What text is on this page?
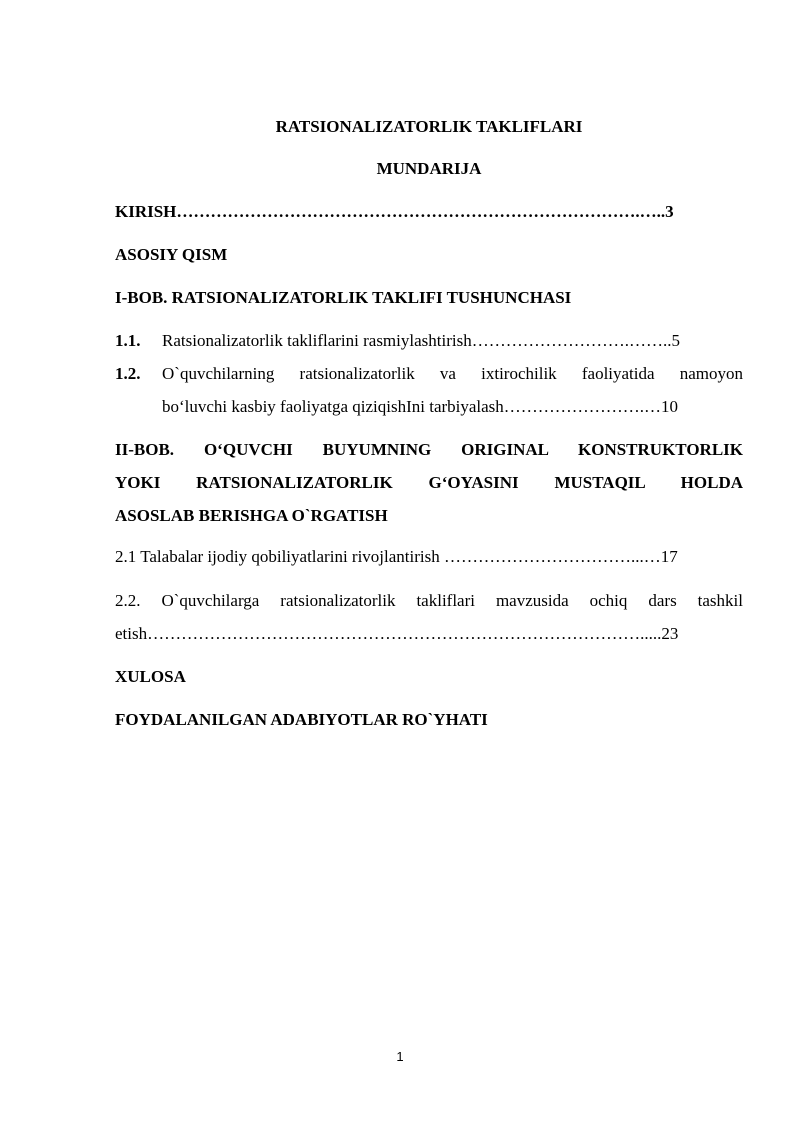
RATSIONALIZATORLIK TAKLIFLARI
MUNDARIJA
KIRISH……………………………………………………………………….…..3
ASOSIY QISM
I-BOB. RATSIONALIZATORLIK TAKLIFI TUSHUNCHASI
1.1. Ratsionalizatorlik takliflarini rasmiylashtirish……………………….……..5
1.2. O`quvchilarning ratsionalizatorlik va ixtirochilik faoliyatida namoyon
bo‘luvchi kasbiy faoliyatga qiziqishIni tarbiyalash…………………….…10
II-BOB. O‘QUVCHI BUYUMNING ORIGINAL KONSTRUKTORLIK
YOKI RATSIONALIZATORLIK G‘OYASINI MUSTAQIL HOLDA
ASOSLAB BERISHGA O`RGATISH
2.1 Talabalar ijodiy qobiliyatlarini rivojlantirish ……………………………...…17
2.2. O`quvchilarga ratsionalizatorlik takliflari mavzusida ochiq dars tashkil
etish…………………………………………………………………………….....23
XULOSA
FOYDALANILGAN ADABIYOTLAR RO`YHATI
1
